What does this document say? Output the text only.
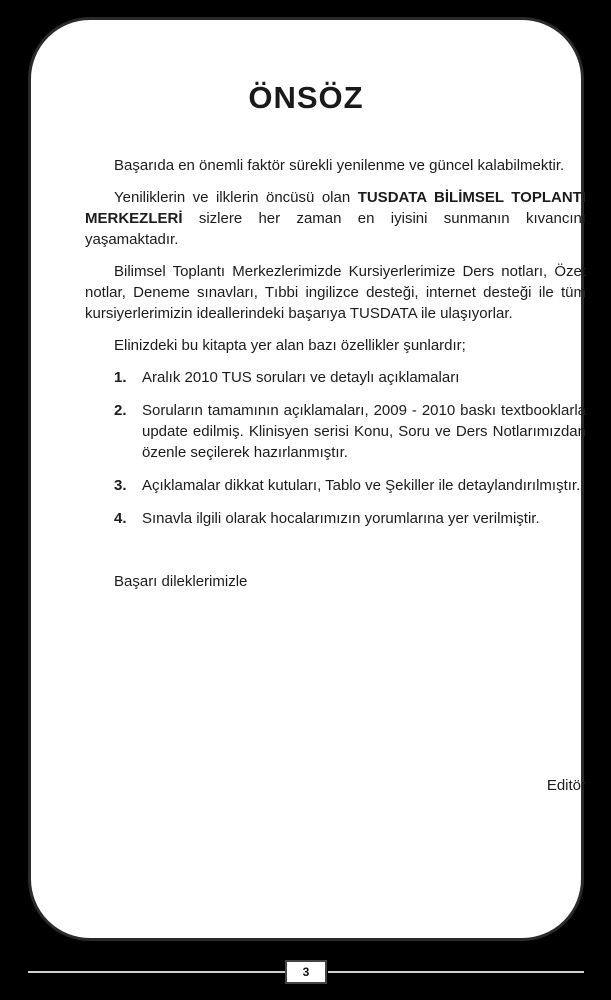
ÖNSÖZ

Başarıda en önemli faktör sürekli yenilenme ve güncel kalabilmektir.

Yeniliklerin ve ilklerin öncüsü olan TUSDATA BİLİMSEL TOPLANTI MERKEZLERİ sizlere her zaman en iyisini sunmanın kıvancını yaşamaktadır.

Bilimsel Toplantı Merkezlerimizde Kursiyerlerimize Ders notları, Özet notlar, Deneme sınavları, Tıbbi ingilizce desteği, internet desteği ile tüm kursiyerlerimizin ideallerindeki başarıya TUSDATA ile ulaşıyorlar.

Elinizdeki bu kitapta yer alan bazı özellikler şunlardır;

1. Aralık 2010 TUS soruları ve detaylı açıklamaları
2. Soruların tamamının açıklamaları, 2009 - 2010 baskı textbooklarla update edilmiş. Klinisyen serisi Konu, Soru ve Ders Notlarımızdan özenle seçilerek hazırlanmıştır.
3. Açıklamalar dikkat kutuları, Tablo ve Şekiller ile detaylandırılmıştır.
4. Sınavla ilgili olarak hocalarımızın yorumlarına yer verilmiştir.
Başarı dileklerimizle
Editör
3
